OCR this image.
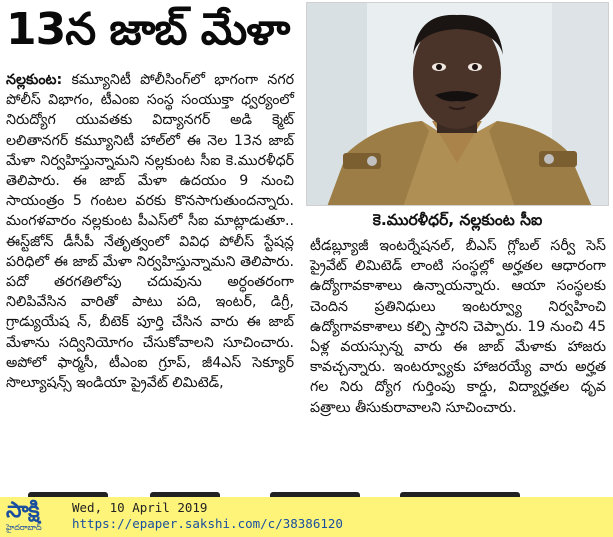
13న జాబ్ మేళా

నల్లకుంట: కమ్యూనిటీ పోలీసింగ్‌లో భాగంగా నగర పోలీస్ విభాగం, టీఎంఐ సంస్థ సంయుక్తా ధ్వర్యంలో నిరుద్యోగ యువతకు విద్యానగర్ అడి క్మెట్ లలితానగర్ కమ్యూనిటీ హాల్‌లో ఈ నెల 13న జాబ్ మేళా నిర్వహిస్తున్నామని నల్లకుంట సీఐ కె.మురళీధర్ తెలిపారు. ఈ జాబ్ మేళా ఉదయం 9 నుంచి సాయంత్రం 5 గంటల వరకు కొనసాగుతుందన్నారు. మంగళవారం నల్లకుంట పీఎస్‌లో సీఐ మాట్లాడుతూ.. ఈస్ట్‌జోన్ డీసీపీ నేతృత్వంలో వివిధ పోలీస్ స్టేషన్ల పరిధిలో ఈ జాబ్ మేళా నిర్వహిస్తున్నామని తెలిపారు. పదో తరగతిలోపు చదువును అర్ధంతరంగా నిలిపివేసిన వారితో పాటు పది, ఇంటర్, డిగ్రీ, గ్రాడ్యుయేష న్, బీటెక్ పూర్తి చేసిన వారు ఈ జాబ్ మేళాను సద్వినియోగం చేసుకోవాలని సూచించారు. అపోలో ఫార్మసీ, టీఎంఐ గ్రూప్, జీ4ఎస్ సెక్యూర్ సొల్యూషన్స్ ఇండియా ప్రైవేట్ లిమిటెడ్,

కె.మురళీధర్, నల్లకుంట సీఐ

టీడబ్ల్యూజీ ఇంటర్నేషనల్, బీఎస్ గ్లోబల్ సర్వీ సెస్ ప్రైవేట్ లిమిటెడ్ లాంటి సంస్థల్లో అర్హతల ఆధారంగా ఉద్యోగావకాశాలు ఉన్నాయన్నారు. ఆయా సంస్థలకు చెందిన ప్రతినిధులు ఇంటర్వ్యూ నిర్వహించి ఉద్యోగావకాశాలు కల్పి స్తారని చెప్పారు. 19 నుంచి 45 ఏళ్ల వయస్సున్న వారు ఈ జాబ్ మేళాకు హాజరు కావచ్చన్నారు. ఇంటర్వ్యూకు హాజరయ్యే వారు అర్హత గల నిరు ద్యోగ గుర్తింపు కార్డు, విద్యార్హతల ధృవ పత్రాలు తీసుకురావాలని సూచించారు.

సాక్షి
హైదరాబాద్
Wed, 10 April 2019
https://epaper.sakshi.com/c/38386120
